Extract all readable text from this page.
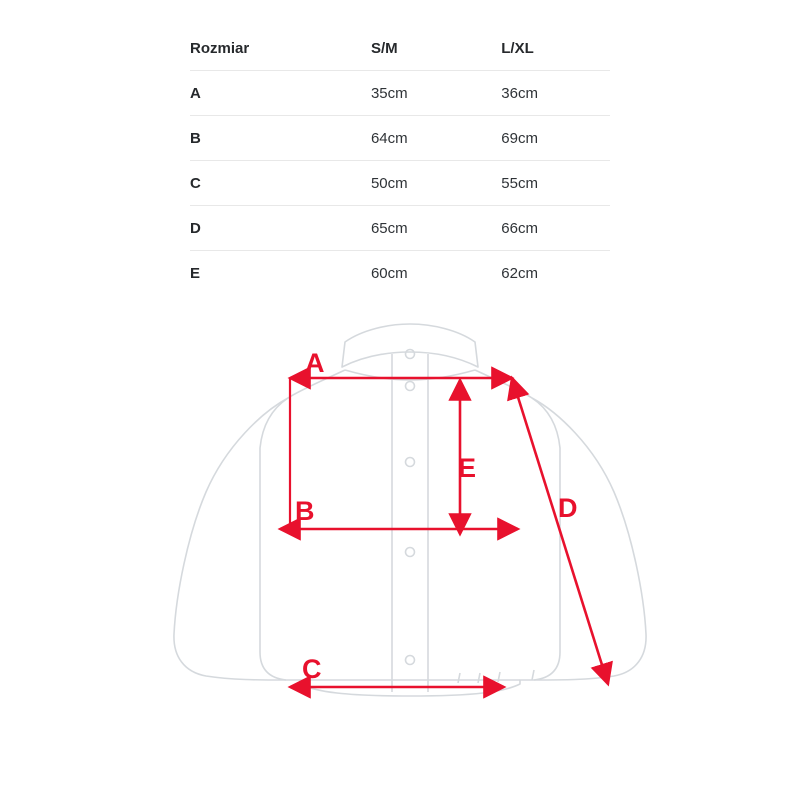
Rozmiar	S/M	L/XL
A	35cm	36cm
B	64cm	69cm
C	50cm	55cm
D	65cm	66cm
E	60cm	62cm
A
B
C
D
E
